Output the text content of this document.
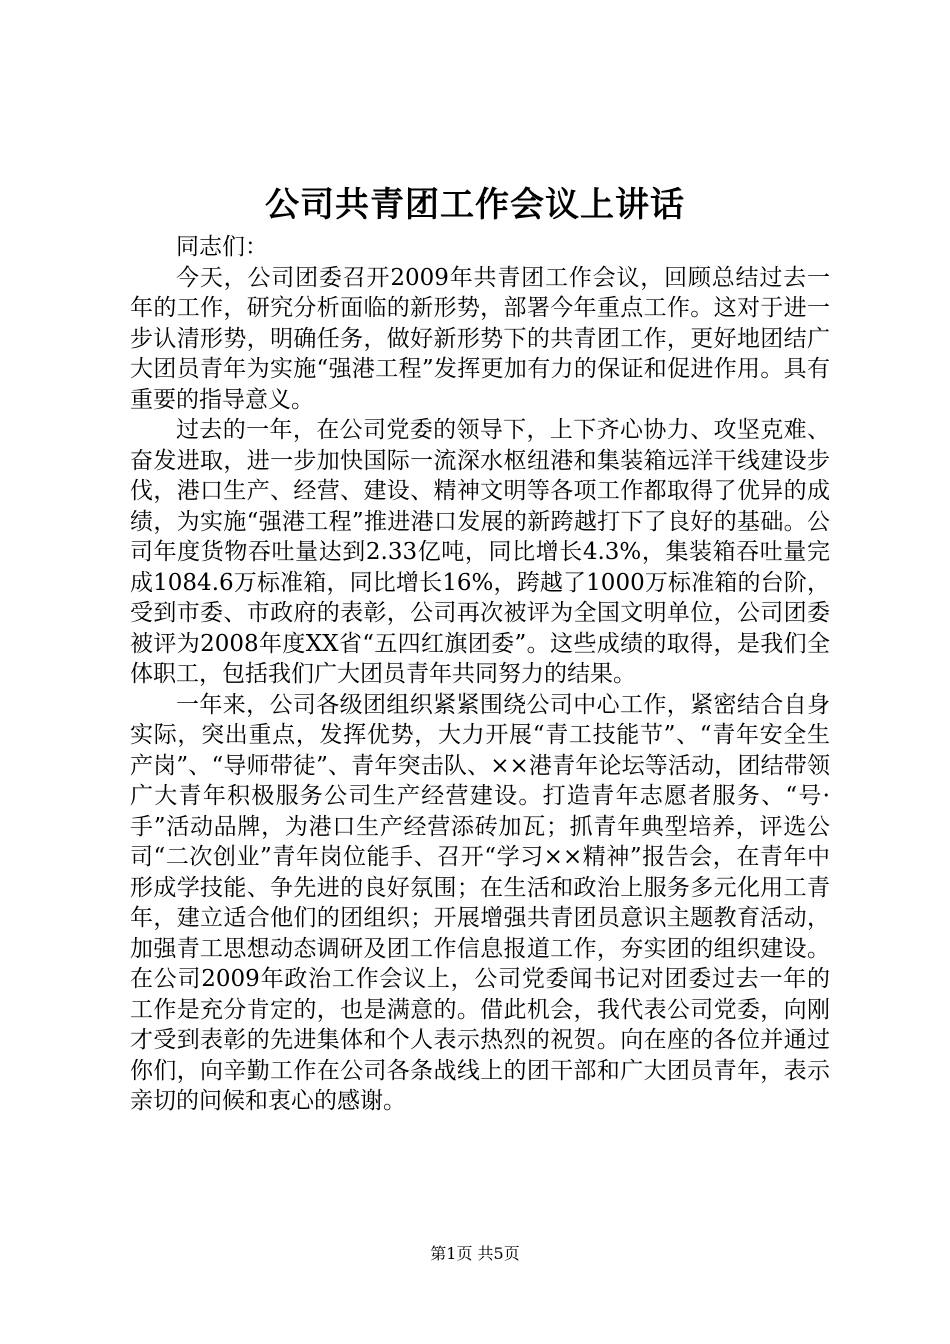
公司共青团工作会议上讲话

同志们：

今天，公司团委召开2009年共青团工作会议，回顾总结过去一年的工作，研究分析面临的新形势，部署今年重点工作。这对于进一步认清形势，明确任务，做好新形势下的共青团工作，更好地团结广大团员青年为实施“强港工程”发挥更加有力的保证和促进作用。具有重要的指导意义。

过去的一年，在公司党委的领导下，上下齐心协力、攻坚克难、奋发进取，进一步加快国际一流深水枢纽港和集装箱远洋干线建设步伐，港口生产、经营、建设、精神文明等各项工作都取得了优异的成绩，为实施“强港工程”推进港口发展的新跨越打下了良好的基础。公司年度货物吞吐量达到2.33亿吨，同比增长4.3%，集装箱吞吐量完成1084.6万标准箱，同比增长16%，跨越了1000万标准箱的台阶，受到市委、市政府的表彰，公司再次被评为全国文明单位，公司团委被评为2008年度XX省“五四红旗团委”。这些成绩的取得，是我们全体职工，包括我们广大团员青年共同努力的结果。

一年来，公司各级团组织紧紧围绕公司中心工作，紧密结合自身实际，突出重点，发挥优势，大力开展“青工技能节”、“青年安全生产岗”、“导师带徒”、青年突击队、××港青年论坛等活动，团结带领广大青年积极服务公司生产经营建设。打造青年志愿者服务、“号·手”活动品牌，为港口生产经营添砖加瓦；抓青年典型培养，评选公司“二次创业”青年岗位能手、召开“学习××精神”报告会，在青年中形成学技能、争先进的良好氛围；在生活和政治上服务多元化用工青年，建立适合他们的团组织；开展增强共青团员意识主题教育活动，加强青工思想动态调研及团工作信息报道工作，夯实团的组织建设。在公司2009年政治工作会议上，公司党委闻书记对团委过去一年的工作是充分肯定的，也是满意的。借此机会，我代表公司党委，向刚才受到表彰的先进集体和个人表示热烈的祝贺。向在座的各位并通过你们，向辛勤工作在公司各条战线上的团干部和广大团员青年，表示亲切的问候和衷心的感谢。

第1页 共5页
